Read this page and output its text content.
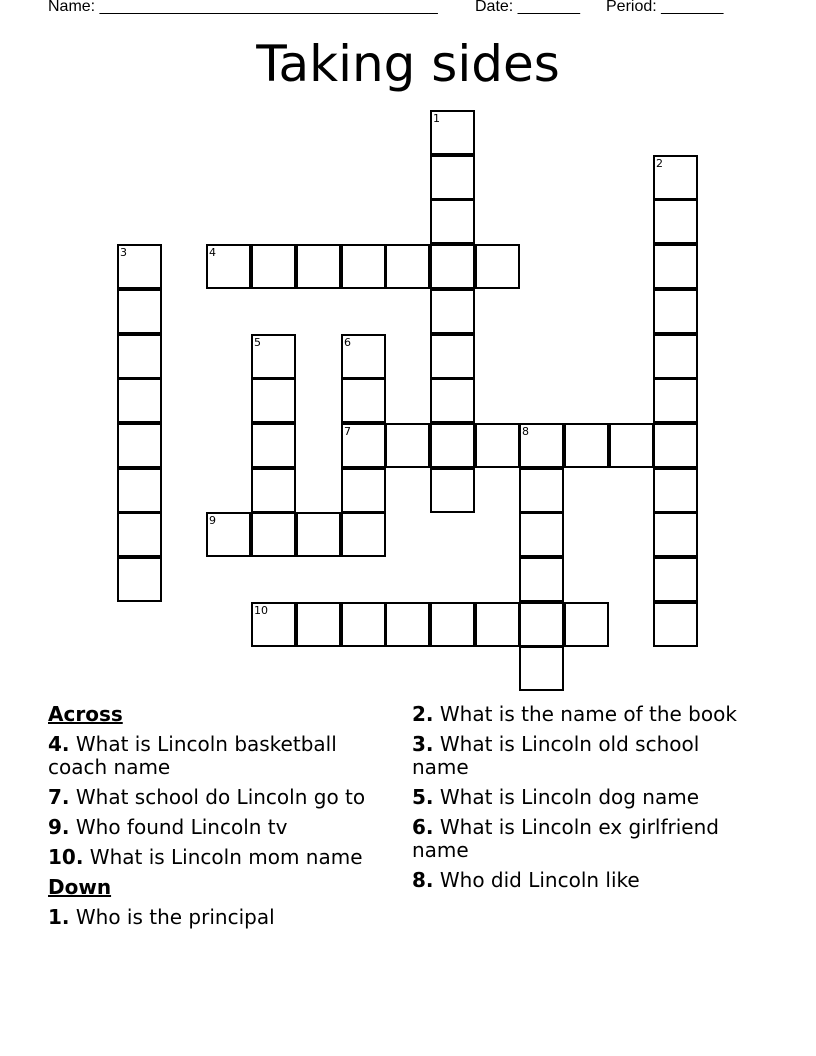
Name: ______________________________________ Date: _______ Period: _______
Taking sides
1
2
3	4
5	6
7	8
9
10
Across
4. What is Lincoln basketball coach name
7. What school do Lincoln go to
9. Who found Lincoln tv
10. What is Lincoln mom name
Down
1. Who is the principal
2. What is the name of the book
3. What is Lincoln old school name
5. What is Lincoln dog name
6. What is Lincoln ex girlfriend name
8. Who did Lincoln like
